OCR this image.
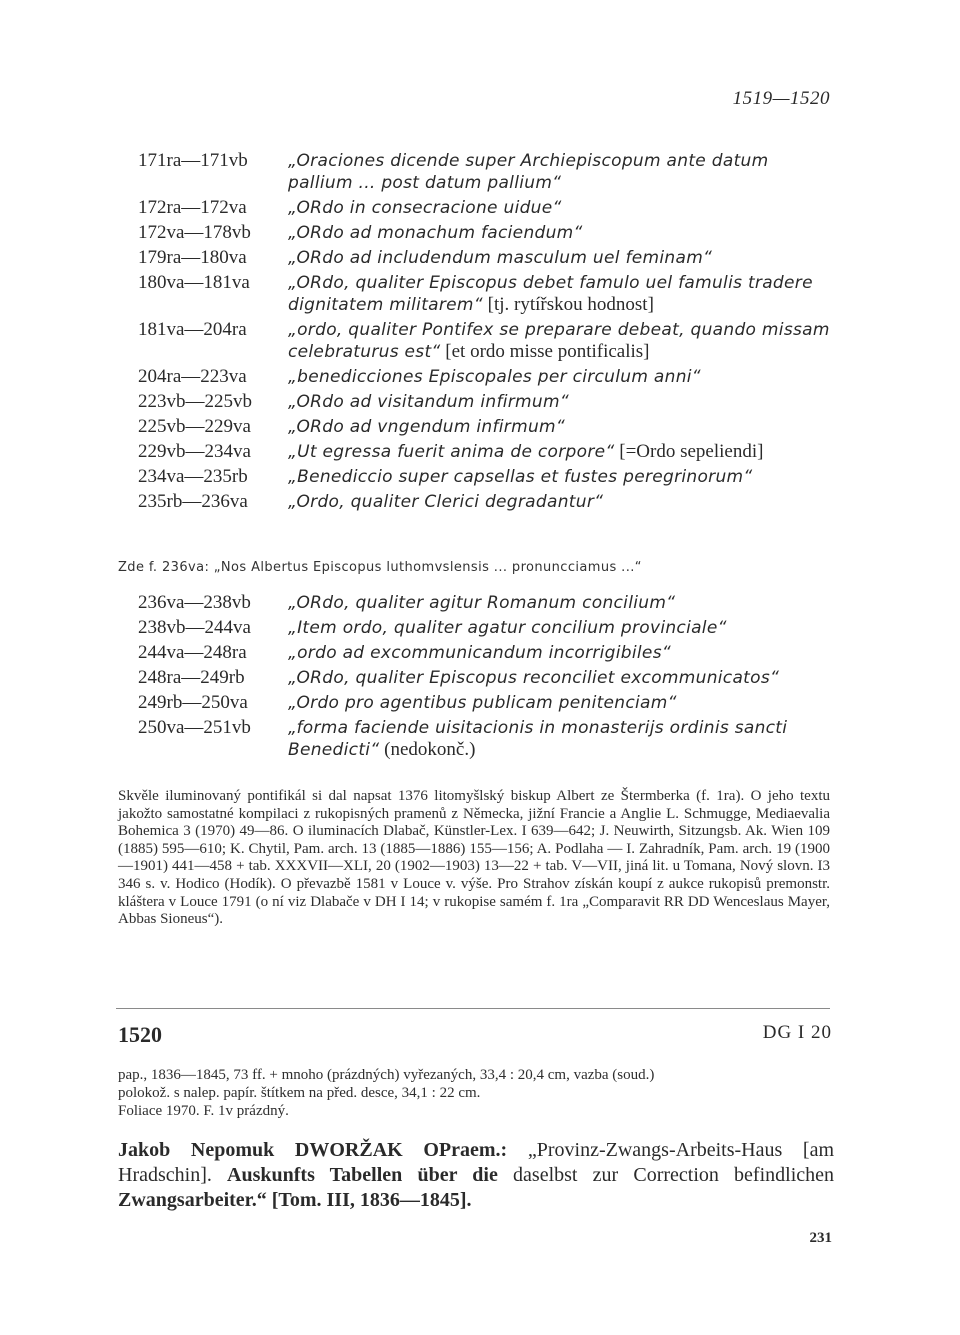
1519—1520
171ra—171vb	„Oraciones dicende super Archiepiscopum ante datum pallium ... post datum pallium“
172ra—172va	„ORdo in consecracione uidue“
172va—178vb	„ORdo ad monachum faciendum“
179ra—180va	„ORdo ad includendum masculum uel feminam“
180va—181va	„ORdo, qualiter Episcopus debet famulo uel famulis tradere dignitatem militarem“ [tj. rytířskou hodnost]
181va—204ra	„ordo, qualiter Pontifex se preparare debeat, quando missam celebraturus est“ [et ordo misse pontificalis]
204ra—223va	„benedicciones Episcopales per circulum anni“
223vb—225vb	„ORdo ad visitandum infirmum“
225vb—229va	„ORdo ad vngendum infirmum“
229vb—234va	„Ut egressa fuerit anima de corpore“ [=Ordo sepeliendi]
234va—235rb	„Benediccio super capsellas et fustes peregrinorum“
235rb—236va	„Ordo, qualiter Clerici degradantur“
Zde f. 236va: „Nos Albertus Episcopus luthomvslensis ... pronuncciamus ...“
236va—238vb	„ORdo, qualiter agitur Romanum concilium“
238vb—244va	„Item ordo, qualiter agatur concilium provinciale“
244va—248ra	„ordo ad excommunicandum incorrigibiles“
248ra—249rb	„ORdo, qualiter Episcopus reconciliet excommunicatos“
249rb—250va	„Ordo pro agentibus publicam penitenciam“
250va—251vb	„forma faciende uisitacionis in monasterijs ordinis sancti Benedicti“ (nedokonč.)
Skvěle iluminovaný pontifikál si dal napsat 1376 litomyšlský biskup Albert ze Štermberka (f. 1ra). O jeho textu jakožto samostatné kompilaci z rukopisných pramenů z Německa, jižní Francie a Anglie L. Schmugge, Mediaevalia Bohemica 3 (1970) 49—86. O iluminacích Dlabač, Künstler-Lex. I 639—642; J. Neuwirth, Sitzungsb. Ak. Wien 109 (1885) 595—610; K. Chytil, Pam. arch. 13 (1885—1886) 155—156; A. Podlaha — I. Zahradník, Pam. arch. 19 (1900—1901) 441—458 + tab. XXXVII—XLI, 20 (1902—1903) 13—22 + tab. V—VII, jiná lit. u Tomana, Nový slovn. I3 346 s. v. Hodico (Hodík). O převazbě 1581 v Louce v. výše. Pro Strahov získán koupí z aukce rukopisů premonstr. kláštera v Louce 1791 (o ní viz Dlabače v DH I 14; v rukopise samém f. 1ra „Comparavit RR DD Wenceslaus Mayer, Abbas Sioneus“).
1520	DG I 20
pap., 1836—1845, 73 ff. + mnoho (prázdných) vyřezaných, 33,4 : 20,4 cm, vazba (soud.)
polokož. s nalep. papír. štítkem na před. desce, 34,1 : 22 cm.
Foliace 1970. F. 1v prázdný.
Jakob Nepomuk DWORŽAK OPraem.: „Provinz-Zwangs-Arbeits-Haus [am Hradschin]. Auskunfts Tabellen über die daselbst zur Correction befindlichen Zwangsarbeiter.“ [Tom. III, 1836—1845].
231
